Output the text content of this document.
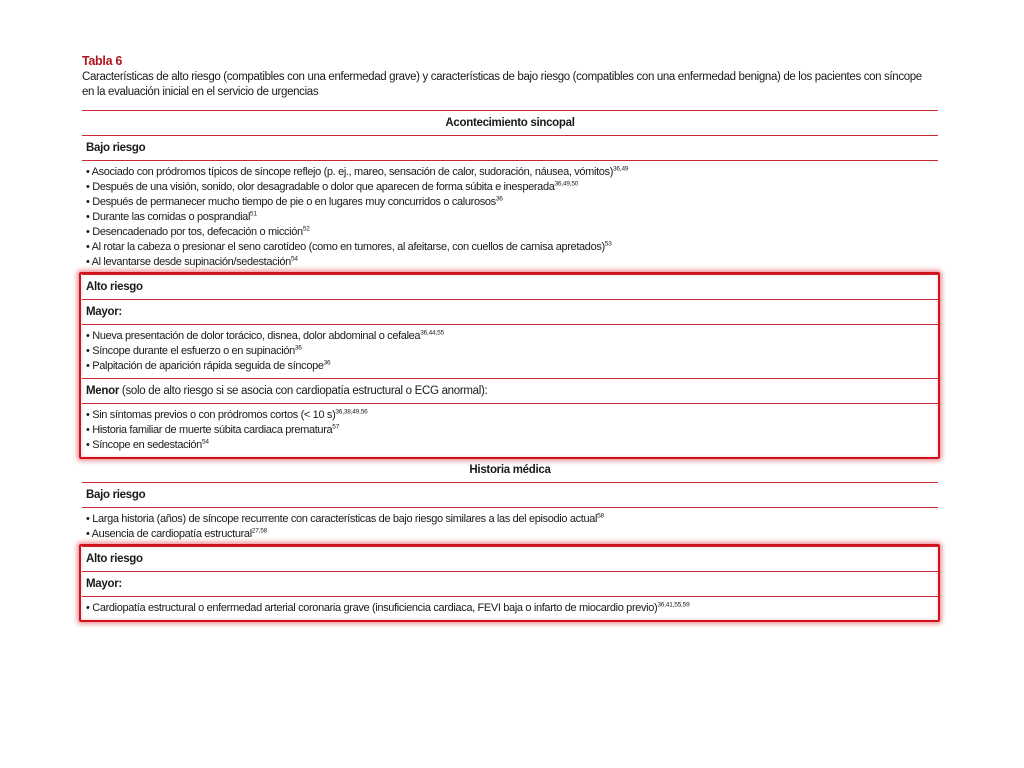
Tabla 6
Características de alto riesgo (compatibles con una enfermedad grave) y características de bajo riesgo (compatibles con una enfermedad benigna) de los pacientes con síncope
en la evaluación inicial en el servicio de urgencias
Acontecimiento sincopal
Bajo riesgo
• Asociado con pródromos típicos de síncope reflejo (p. ej., mareo, sensación de calor, sudoración, náusea, vómitos)$^{36,49}$
• Después de una visión, sonido, olor desagradable o dolor que aparecen de forma súbita e inesperada$^{36,49,50}$
• Después de permanecer mucho tiempo de pie o en lugares muy concurridos o calurosos$^{36}$
• Durante las comidas o posprandial$^{51}$
• Desencadenado por tos, defecación o micción$^{52}$
• Al rotar la cabeza o presionar el seno carotídeo (como en tumores, al afeitarse, con cuellos de camisa apretados)$^{53}$
• Al levantarse desde supinación/sedestación$^{54}$
Alto riesgo
Mayor:
• Nueva presentación de dolor torácico, disnea, dolor abdominal o cefalea$^{36,44,55}$
• Síncope durante el esfuerzo o en supinación$^{36}$
• Palpitación de aparición rápida seguida de síncope$^{36}$
Menor (solo de alto riesgo si se asocia con cardiopatía estructural o ECG anormal):
• Sin síntomas previos o con pródromos cortos (< 10 s)$^{36,38,49,56}$
• Historia familiar de muerte súbita cardiaca prematura$^{57}$
• Síncope en sedestación$^{54}$
Historia médica
Bajo riesgo
• Larga historia (años) de síncope recurrente con características de bajo riesgo similares a las del episodio actual$^{58}$
• Ausencia de cardiopatía estructural$^{27,58}$
Alto riesgo
Mayor:
• Cardiopatía estructural o enfermedad arterial coronaria grave (insuficiencia cardiaca, FEVI baja o infarto de miocardio previo)$^{36,41,55,59}$
